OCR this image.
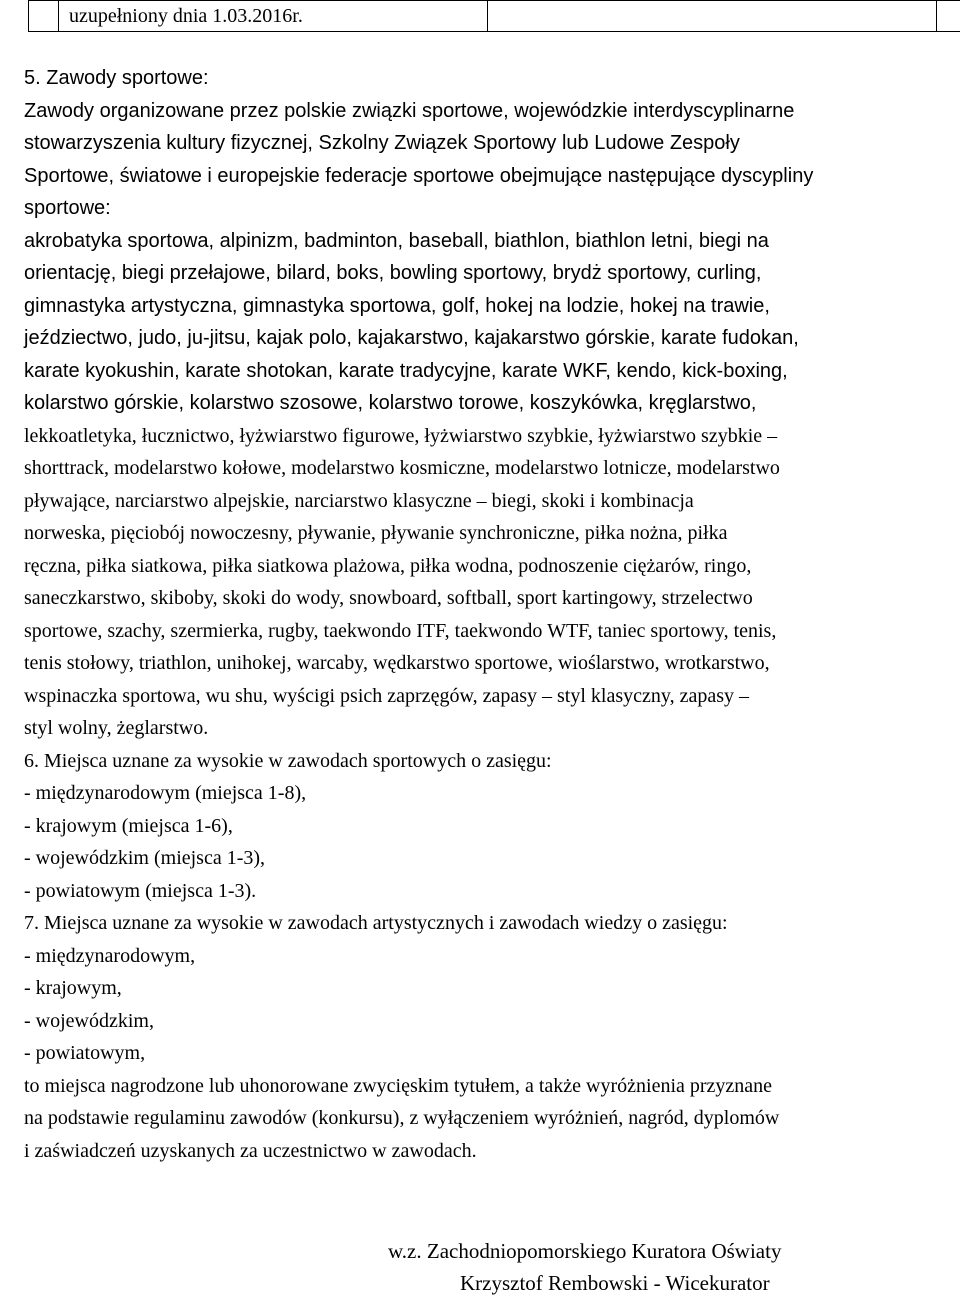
	uzupełniony dnia 1.03.2016r.		
5. Zawody sportowe:
Zawody organizowane przez polskie związki sportowe, wojewódzkie interdyscyplinarne
stowarzyszenia kultury fizycznej, Szkolny Związek Sportowy lub Ludowe Zespoły
Sportowe, światowe i europejskie federacje sportowe obejmujące następujące dyscypliny
sportowe:
akrobatyka sportowa, alpinizm, badminton, baseball, biathlon, biathlon letni, biegi na
orientację, biegi przełajowe, bilard, boks, bowling sportowy, brydż sportowy, curling,
gimnastyka artystyczna, gimnastyka sportowa, golf, hokej na lodzie, hokej na trawie,
jeździectwo, judo, ju-jitsu, kajak polo, kajakarstwo, kajakarstwo górskie, karate fudokan,
karate kyokushin, karate shotokan, karate tradycyjne, karate WKF, kendo, kick-boxing,
kolarstwo górskie, kolarstwo szosowe, kolarstwo torowe, koszykówka, kręglarstwo,
lekkoatletyka, łucznictwo, łyżwiarstwo figurowe, łyżwiarstwo szybkie, łyżwiarstwo szybkie –
shorttrack, modelarstwo kołowe, modelarstwo kosmiczne, modelarstwo lotnicze, modelarstwo
pływające, narciarstwo alpejskie, narciarstwo klasyczne – biegi, skoki i kombinacja
norweska, pięciobój nowoczesny, pływanie, pływanie synchroniczne, piłka nożna, piłka
ręczna, piłka siatkowa, piłka siatkowa plażowa, piłka wodna, podnoszenie ciężarów, ringo,
saneczkarstwo, skiboby, skoki do wody, snowboard, softball, sport kartingowy, strzelectwo
sportowe, szachy, szermierka, rugby, taekwondo ITF, taekwondo WTF, taniec sportowy, tenis,
tenis stołowy, triathlon, unihokej, warcaby, wędkarstwo sportowe, wioślarstwo, wrotkarstwo,
wspinaczka sportowa, wu shu, wyścigi psich zaprzęgów, zapasy – styl klasyczny, zapasy –
styl wolny, żeglarstwo.
6. Miejsca uznane za wysokie w zawodach sportowych o zasięgu:
- międzynarodowym (miejsca 1-8),
- krajowym (miejsca 1-6),
- wojewódzkim (miejsca 1-3),
- powiatowym (miejsca 1-3).
7. Miejsca uznane za wysokie w zawodach artystycznych i zawodach wiedzy o zasięgu:
- międzynarodowym,
- krajowym,
- wojewódzkim,
- powiatowym,
to miejsca nagrodzone lub uhonorowane zwycięskim tytułem, a także wyróżnienia przyznane
na podstawie regulaminu zawodów (konkursu), z wyłączeniem wyróżnień, nagród, dyplomów
i zaświadczeń uzyskanych za uczestnictwo w zawodach.
w.z. Zachodniopomorskiego Kuratora Oświaty
Krzysztof Rembowski - Wicekurator
